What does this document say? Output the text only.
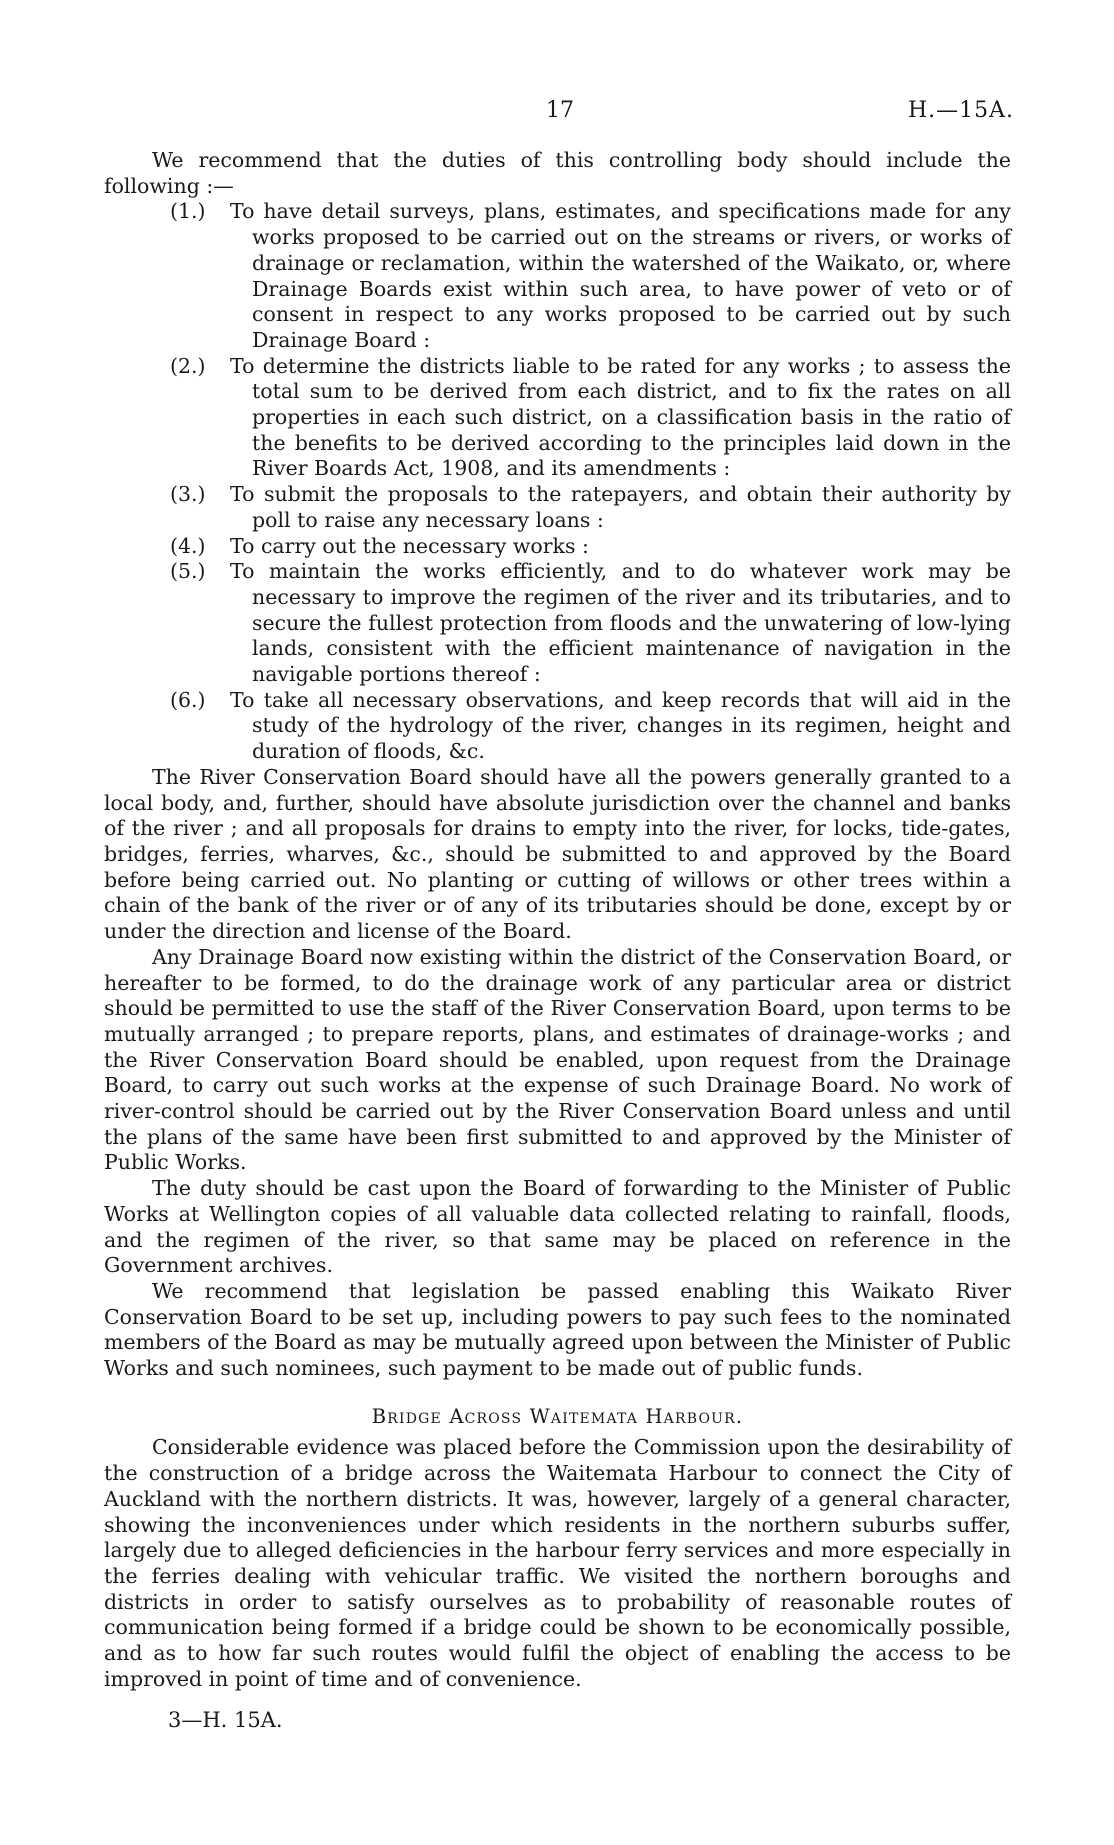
17	H.—15A.

We recommend that the duties of this controlling body should include the following :—

(1.) To have detail surveys, plans, estimates, and specifications made for any works proposed to be carried out on the streams or rivers, or works of drainage or reclamation, within the watershed of the Waikato, or, where Drainage Boards exist within such area, to have power of veto or of consent in respect to any works proposed to be carried out by such Drainage Board :
(2.) To determine the districts liable to be rated for any works ; to assess the total sum to be derived from each district, and to fix the rates on all properties in each such district, on a classification basis in the ratio of the benefits to be derived according to the principles laid down in the River Boards Act, 1908, and its amendments :
(3.) To submit the proposals to the ratepayers, and obtain their authority by poll to raise any necessary loans :
(4.) To carry out the necessary works :
(5.) To maintain the works efficiently, and to do whatever work may be necessary to improve the regimen of the river and its tributaries, and to secure the fullest protection from floods and the unwatering of low-lying lands, consistent with the efficient maintenance of navigation in the navigable portions thereof :
(6.) To take all necessary observations, and keep records that will aid in the study of the hydrology of the river, changes in its regimen, height and duration of floods, &c.

The River Conservation Board should have all the powers generally granted to a local body, and, further, should have absolute jurisdiction over the channel and banks of the river ; and all proposals for drains to empty into the river, for locks, tide-gates, bridges, ferries, wharves, &c., should be submitted to and approved by the Board before being carried out. No planting or cutting of willows or other trees within a chain of the bank of the river or of any of its tributaries should be done, except by or under the direction and license of the Board.

Any Drainage Board now existing within the district of the Conservation Board, or hereafter to be formed, to do the drainage work of any particular area or district should be permitted to use the staff of the River Conservation Board, upon terms to be mutually arranged ; to prepare reports, plans, and estimates of drainage-works ; and the River Conservation Board should be enabled, upon request from the Drainage Board, to carry out such works at the expense of such Drainage Board. No work of river-control should be carried out by the River Conservation Board unless and until the plans of the same have been first submitted to and approved by the Minister of Public Works.

The duty should be cast upon the Board of forwarding to the Minister of Public Works at Wellington copies of all valuable data collected relating to rainfall, floods, and the regimen of the river, so that same may be placed on reference in the Government archives.

We recommend that legislation be passed enabling this Waikato River Conservation Board to be set up, including powers to pay such fees to the nominated members of the Board as may be mutually agreed upon between the Minister of Public Works and such nominees, such payment to be made out of public funds.

Bridge Across Waitemata Harbour.

Considerable evidence was placed before the Commission upon the desirability of the construction of a bridge across the Waitemata Harbour to connect the City of Auckland with the northern districts. It was, however, largely of a general character, showing the inconveniences under which residents in the northern suburbs suffer, largely due to alleged deficiencies in the harbour ferry services and more especially in the ferries dealing with vehicular traffic. We visited the northern boroughs and districts in order to satisfy ourselves as to probability of reasonable routes of communication being formed if a bridge could be shown to be economically possible, and as to how far such routes would fulfil the object of enabling the access to be improved in point of time and of convenience.

3—H. 15A.
